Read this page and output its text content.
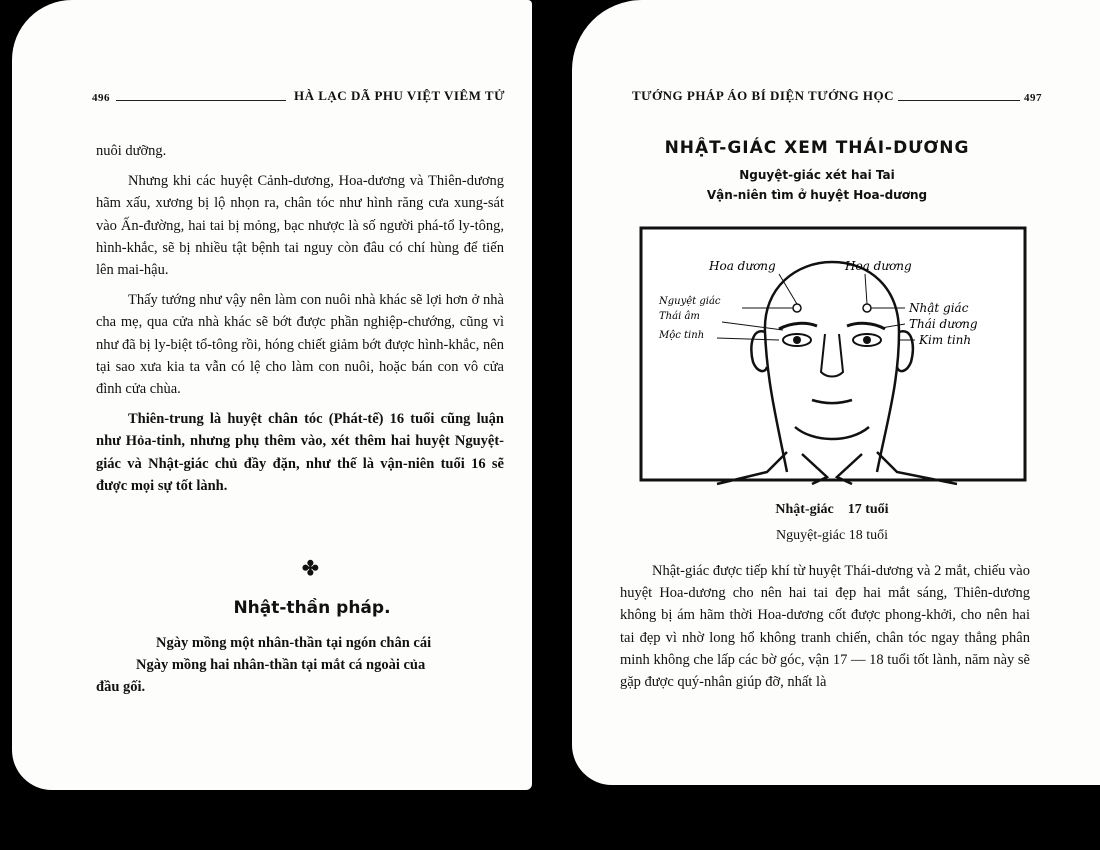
496	HÀ LẠC DÃ PHU VIỆT VIÊM TỬ

nuôi dưỡng.

Nhưng khi các huyệt Cảnh-dương, Hoa-dương và Thiên-dương hãm xấu, xương bị lộ nhọn ra, chân tóc như hình răng cưa xung-sát vào Ấn-đường, hai tai bị mỏng, bạc nhược là số người phá-tổ ly-tông, hình-khắc, sẽ bị nhiều tật bệnh tai nguy còn đâu có chí hùng để tiến lên mai-hậu.

Thấy tướng như vậy nên làm con nuôi nhà khác sẽ lợi hơn ở nhà cha mẹ, qua cửa nhà khác sẽ bớt được phần nghiệp-chướng, cũng vì như đã bị ly-biệt tổ-tông rồi, hóng chiết giảm bớt được hình-khắc, nên tại sao xưa kia ta vẫn có lệ cho làm con nuôi, hoặc bán con vô cửa đình cửa chùa.

Thiên-trung là huyệt chân tóc (Phát-tế) 16 tuổi cũng luận như Hỏa-tinh, nhưng phụ thêm vào, xét thêm hai huyệt Nguyệt-giác và Nhật-giác chủ đầy đặn, như thế là vận-niên tuổi 16 sẽ được mọi sự tốt lành.

✤
Nhật-thần pháp.
Ngày mồng một nhân-thần tại ngón chân cái
Ngày mồng hai nhân-thần tại mắt cá ngoài của
đầu gối.
TƯỚNG PHÁP ÁO BÍ DIỆN TƯỚNG HỌC	497
NHẬT-GIÁC XEM THÁI-DƯƠNG
Nguyệt-giác xét hai Tai
Vận-niên tìm ở huyệt Hoa-dương
Hoa dương	Hoa dương
Nguyệt giác
Thái âm
Mộc tinh
Nhật giác
Thái dương
Kim tinh
Nhật-giác    17 tuổi
Nguyệt-giác 18 tuổi

Nhật-giác được tiếp khí từ huyệt Thái-dương và 2 mắt, chiếu vào huyệt Hoa-dương cho nên hai tai đẹp hai mắt sáng, Thiên-dương không bị ám hãm thời Hoa-dương cốt được phong-khởi, cho nên hai tai đẹp vì nhờ long hổ không tranh chiến, chân tóc ngay thẳng phân minh không che lấp các bờ góc, vận 17 — 18 tuổi tốt lành, năm này sẽ gặp được quý-nhân giúp đỡ, nhất là
